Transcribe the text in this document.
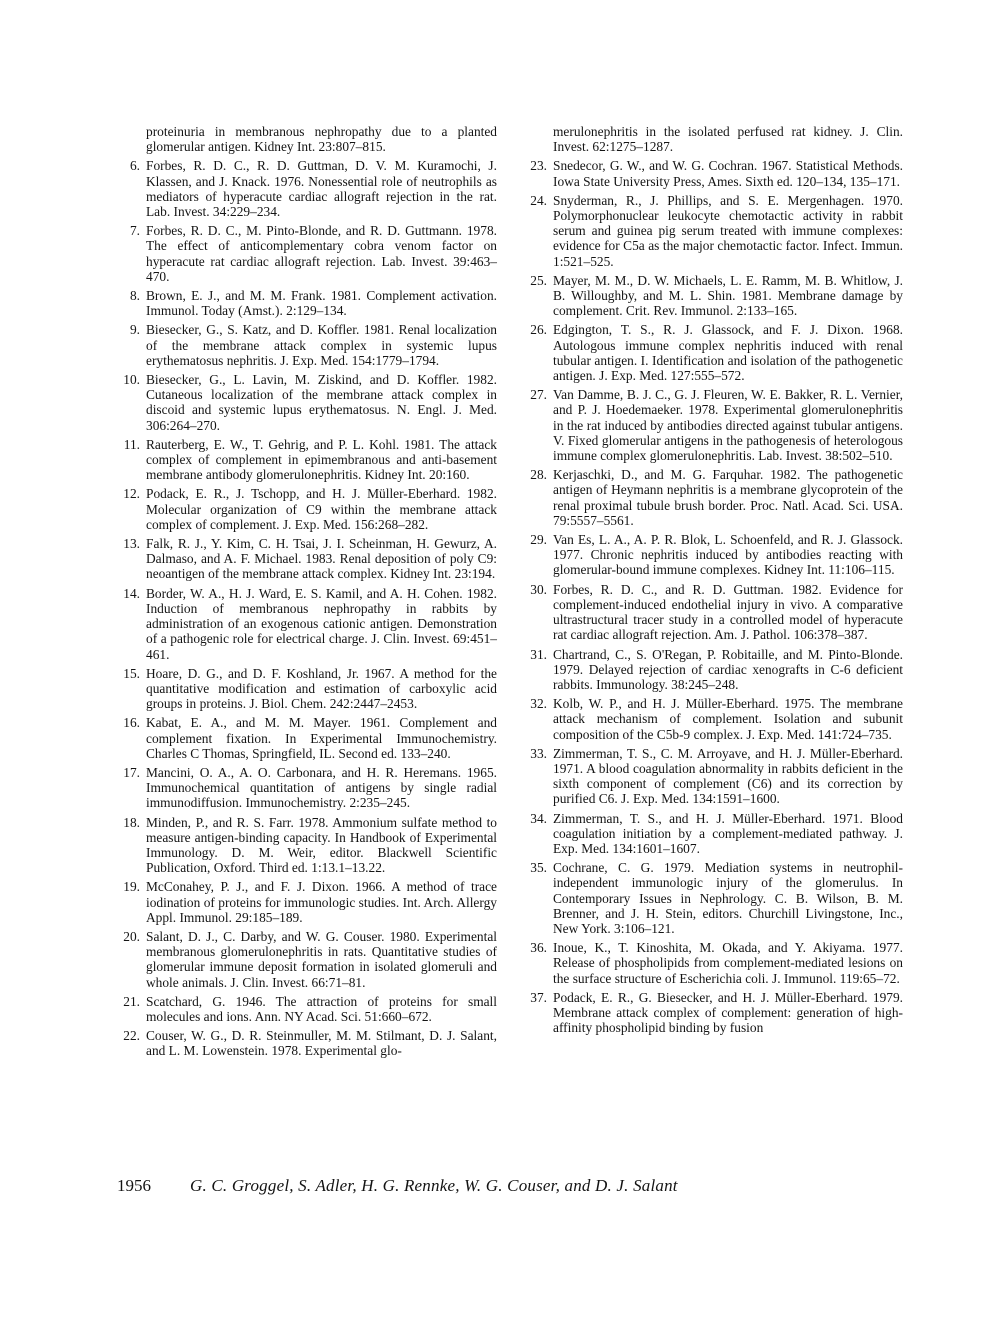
proteinuria in membranous nephropathy due to a planted glomerular antigen. Kidney Int. 23:807–815.
6. Forbes, R. D. C., R. D. Guttman, D. V. M. Kuramochi, J. Klassen, and J. Knack. 1976. Nonessential role of neutrophils as mediators of hyperacute cardiac allograft rejection in the rat. Lab. Invest. 34:229–234.
7. Forbes, R. D. C., M. Pinto-Blonde, and R. D. Guttmann. 1978. The effect of anticomplementary cobra venom factor on hyperacute rat cardiac allograft rejection. Lab. Invest. 39:463–470.
8. Brown, E. J., and M. M. Frank. 1981. Complement activation. Immunol. Today (Amst.). 2:129–134.
9. Biesecker, G., S. Katz, and D. Koffler. 1981. Renal localization of the membrane attack complex in systemic lupus erythematosus nephritis. J. Exp. Med. 154:1779–1794.
10. Biesecker, G., L. Lavin, M. Ziskind, and D. Koffler. 1982. Cutaneous localization of the membrane attack complex in discoid and systemic lupus erythematosus. N. Engl. J. Med. 306:264–270.
11. Rauterberg, E. W., T. Gehrig, and P. L. Kohl. 1981. The attack complex of complement in epimembranous and anti-basement membrane antibody glomerulonephritis. Kidney Int. 20:160.
12. Podack, E. R., J. Tschopp, and H. J. Müller-Eberhard. 1982. Molecular organization of C9 within the membrane attack complex of complement. J. Exp. Med. 156:268–282.
13. Falk, R. J., Y. Kim, C. H. Tsai, J. I. Scheinman, H. Gewurz, A. Dalmaso, and A. F. Michael. 1983. Renal deposition of poly C9: neoantigen of the membrane attack complex. Kidney Int. 23:194.
14. Border, W. A., H. J. Ward, E. S. Kamil, and A. H. Cohen. 1982. Induction of membranous nephropathy in rabbits by administration of an exogenous cationic antigen. Demonstration of a pathogenic role for electrical charge. J. Clin. Invest. 69:451–461.
15. Hoare, D. G., and D. F. Koshland, Jr. 1967. A method for the quantitative modification and estimation of carboxylic acid groups in proteins. J. Biol. Chem. 242:2447–2453.
16. Kabat, E. A., and M. M. Mayer. 1961. Complement and complement fixation. In Experimental Immunochemistry. Charles C Thomas, Springfield, IL. Second ed. 133–240.
17. Mancini, O. A., A. O. Carbonara, and H. R. Heremans. 1965. Immunochemical quantitation of antigens by single radial immunodiffusion. Immunochemistry. 2:235–245.
18. Minden, P., and R. S. Farr. 1978. Ammonium sulfate method to measure antigen-binding capacity. In Handbook of Experimental Immunology. D. M. Weir, editor. Blackwell Scientific Publication, Oxford. Third ed. 1:13.1–13.22.
19. McConahey, P. J., and F. J. Dixon. 1966. A method of trace iodination of proteins for immunologic studies. Int. Arch. Allergy Appl. Immunol. 29:185–189.
20. Salant, D. J., C. Darby, and W. G. Couser. 1980. Experimental membranous glomerulonephritis in rats. Quantitative studies of glomerular immune deposit formation in isolated glomeruli and whole animals. J. Clin. Invest. 66:71–81.
21. Scatchard, G. 1946. The attraction of proteins for small molecules and ions. Ann. NY Acad. Sci. 51:660–672.
22. Couser, W. G., D. R. Steinmuller, M. M. Stilmant, D. J. Salant, and L. M. Lowenstein. 1978. Experimental glo-
merulonephritis in the isolated perfused rat kidney. J. Clin. Invest. 62:1275–1287.
23. Snedecor, G. W., and W. G. Cochran. 1967. Statistical Methods. Iowa State University Press, Ames. Sixth ed. 120–134, 135–171.
24. Snyderman, R., J. Phillips, and S. E. Mergenhagen. 1970. Polymorphonuclear leukocyte chemotactic activity in rabbit serum and guinea pig serum treated with immune complexes: evidence for C5a as the major chemotactic factor. Infect. Immun. 1:521–525.
25. Mayer, M. M., D. W. Michaels, L. E. Ramm, M. B. Whitlow, J. B. Willoughby, and M. L. Shin. 1981. Membrane damage by complement. Crit. Rev. Immunol. 2:133–165.
26. Edgington, T. S., R. J. Glassock, and F. J. Dixon. 1968. Autologous immune complex nephritis induced with renal tubular antigen. I. Identification and isolation of the pathogenetic antigen. J. Exp. Med. 127:555–572.
27. Van Damme, B. J. C., G. J. Fleuren, W. E. Bakker, R. L. Vernier, and P. J. Hoedemaeker. 1978. Experimental glomerulonephritis in the rat induced by antibodies directed against tubular antigens. V. Fixed glomerular antigens in the pathogenesis of heterologous immune complex glomerulonephritis. Lab. Invest. 38:502–510.
28. Kerjaschki, D., and M. G. Farquhar. 1982. The pathogenetic antigen of Heymann nephritis is a membrane glycoprotein of the renal proximal tubule brush border. Proc. Natl. Acad. Sci. USA. 79:5557–5561.
29. Van Es, L. A., A. P. R. Blok, L. Schoenfeld, and R. J. Glassock. 1977. Chronic nephritis induced by antibodies reacting with glomerular-bound immune complexes. Kidney Int. 11:106–115.
30. Forbes, R. D. C., and R. D. Guttman. 1982. Evidence for complement-induced endothelial injury in vivo. A comparative ultrastructural tracer study in a controlled model of hyperacute rat cardiac allograft rejection. Am. J. Pathol. 106:378–387.
31. Chartrand, C., S. O'Regan, P. Robitaille, and M. Pinto-Blonde. 1979. Delayed rejection of cardiac xenografts in C-6 deficient rabbits. Immunology. 38:245–248.
32. Kolb, W. P., and H. J. Müller-Eberhard. 1975. The membrane attack mechanism of complement. Isolation and subunit composition of the C5b-9 complex. J. Exp. Med. 141:724–735.
33. Zimmerman, T. S., C. M. Arroyave, and H. J. Müller-Eberhard. 1971. A blood coagulation abnormality in rabbits deficient in the sixth component of complement (C6) and its correction by purified C6. J. Exp. Med. 134:1591–1600.
34. Zimmerman, T. S., and H. J. Müller-Eberhard. 1971. Blood coagulation initiation by a complement-mediated pathway. J. Exp. Med. 134:1601–1607.
35. Cochrane, C. G. 1979. Mediation systems in neutrophil-independent immunologic injury of the glomerulus. In Contemporary Issues in Nephrology. C. B. Wilson, B. M. Brenner, and J. H. Stein, editors. Churchill Livingstone, Inc., New York. 3:106–121.
36. Inoue, K., T. Kinoshita, M. Okada, and Y. Akiyama. 1977. Release of phospholipids from complement-mediated lesions on the surface structure of Escherichia coli. J. Immunol. 119:65–72.
37. Podack, E. R., G. Biesecker, and H. J. Müller-Eberhard. 1979. Membrane attack complex of complement: generation of high-affinity phospholipid binding by fusion
1956 G. C. Groggel, S. Adler, H. G. Rennke, W. G. Couser, and D. J. Salant
